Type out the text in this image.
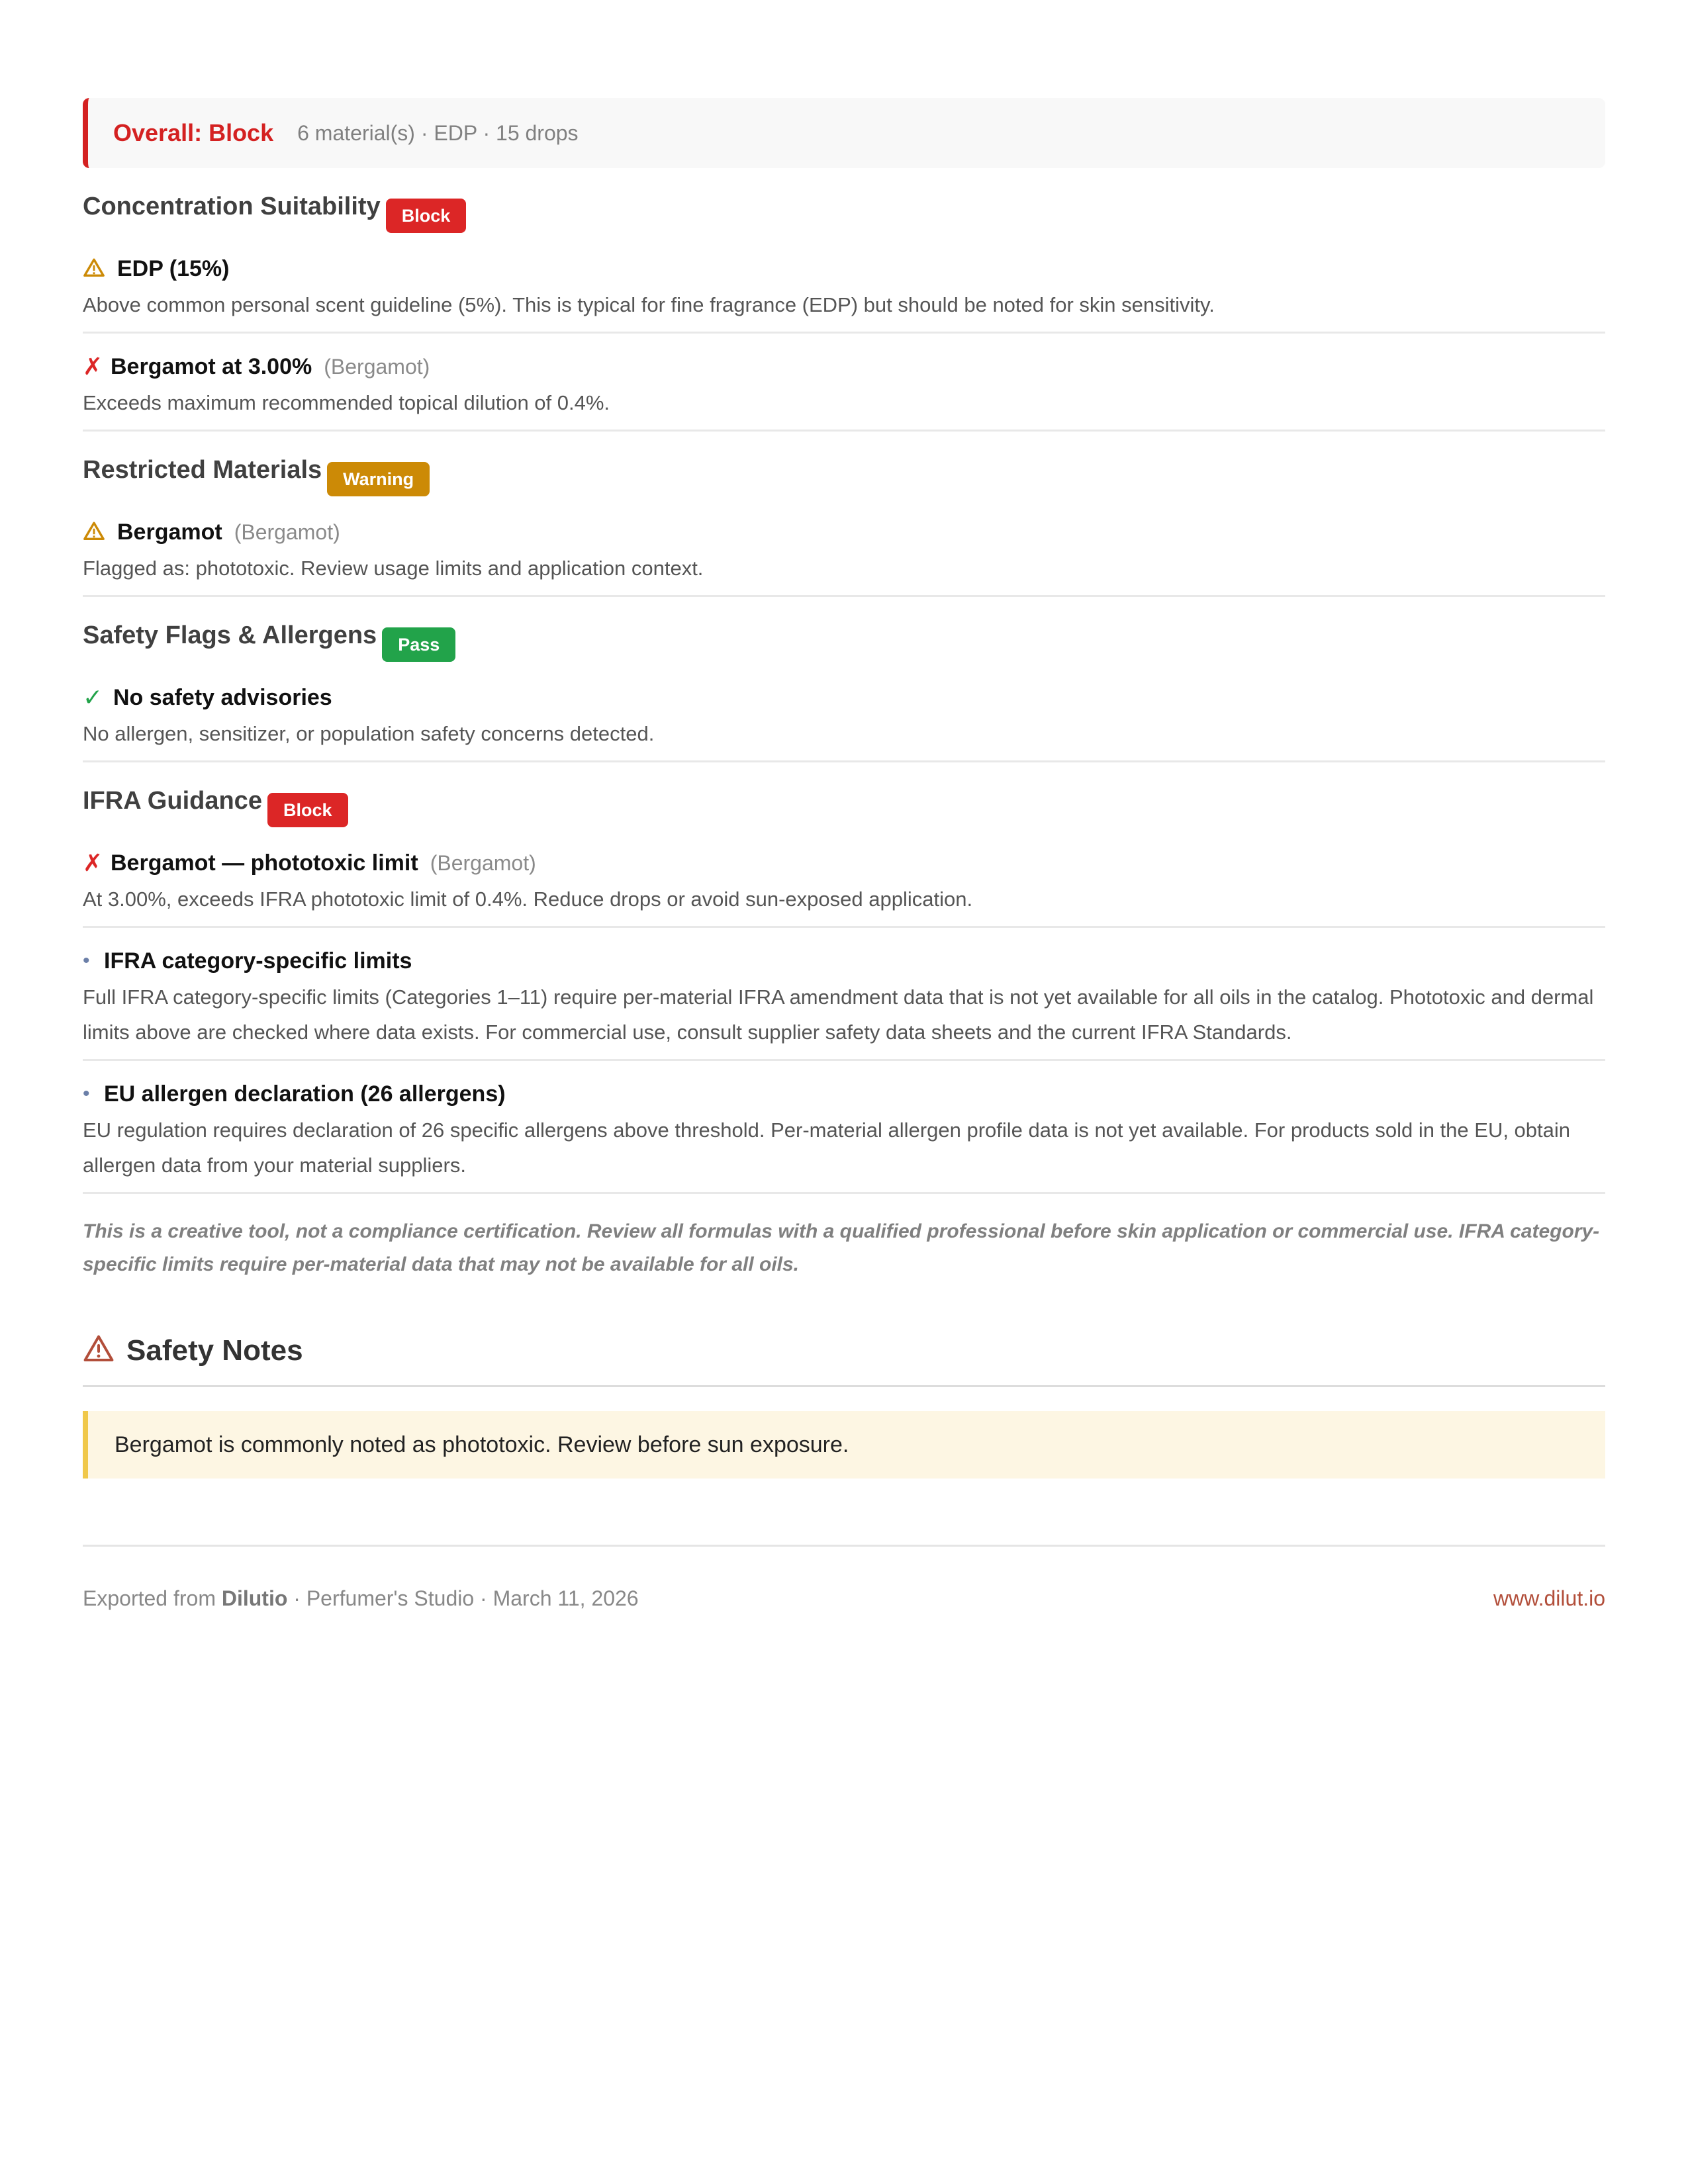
Overall: Block 6 material(s) · EDP · 15 drops
Concentration Suitability	Block
EDP (15%)
Above common personal scent guideline (5%). This is typical for fine fragrance (EDP) but should be noted for skin sensitivity.
✗ Bergamot at 3.00% (Bergamot)
Exceeds maximum recommended topical dilution of 0.4%.
Restricted Materials	Warning
Bergamot (Bergamot)
Flagged as: phototoxic. Review usage limits and application context.
Safety Flags & Allergens	Pass
✓ No safety advisories
No allergen, sensitizer, or population safety concerns detected.
IFRA Guidance	Block
✗ Bergamot — phototoxic limit (Bergamot)
At 3.00%, exceeds IFRA phototoxic limit of 0.4%. Reduce drops or avoid sun-exposed application.
• IFRA category-specific limits
Full IFRA category-specific limits (Categories 1–11) require per-material IFRA amendment data that is not yet available for all oils in the catalog. Phototoxic and dermal limits above are checked where data exists. For commercial use, consult supplier safety data sheets and the current IFRA Standards.
• EU allergen declaration (26 allergens)
EU regulation requires declaration of 26 specific allergens above threshold. Per-material allergen profile data is not yet available. For products sold in the EU, obtain allergen data from your material suppliers.
This is a creative tool, not a compliance certification. Review all formulas with a qualified professional before skin application or commercial use. IFRA category-specific limits require per-material data that may not be available for all oils.
Safety Notes
Bergamot is commonly noted as phototoxic. Review before sun exposure.
Exported from Dilutio · Perfumer's Studio · March 11, 2026	www.dilut.io
